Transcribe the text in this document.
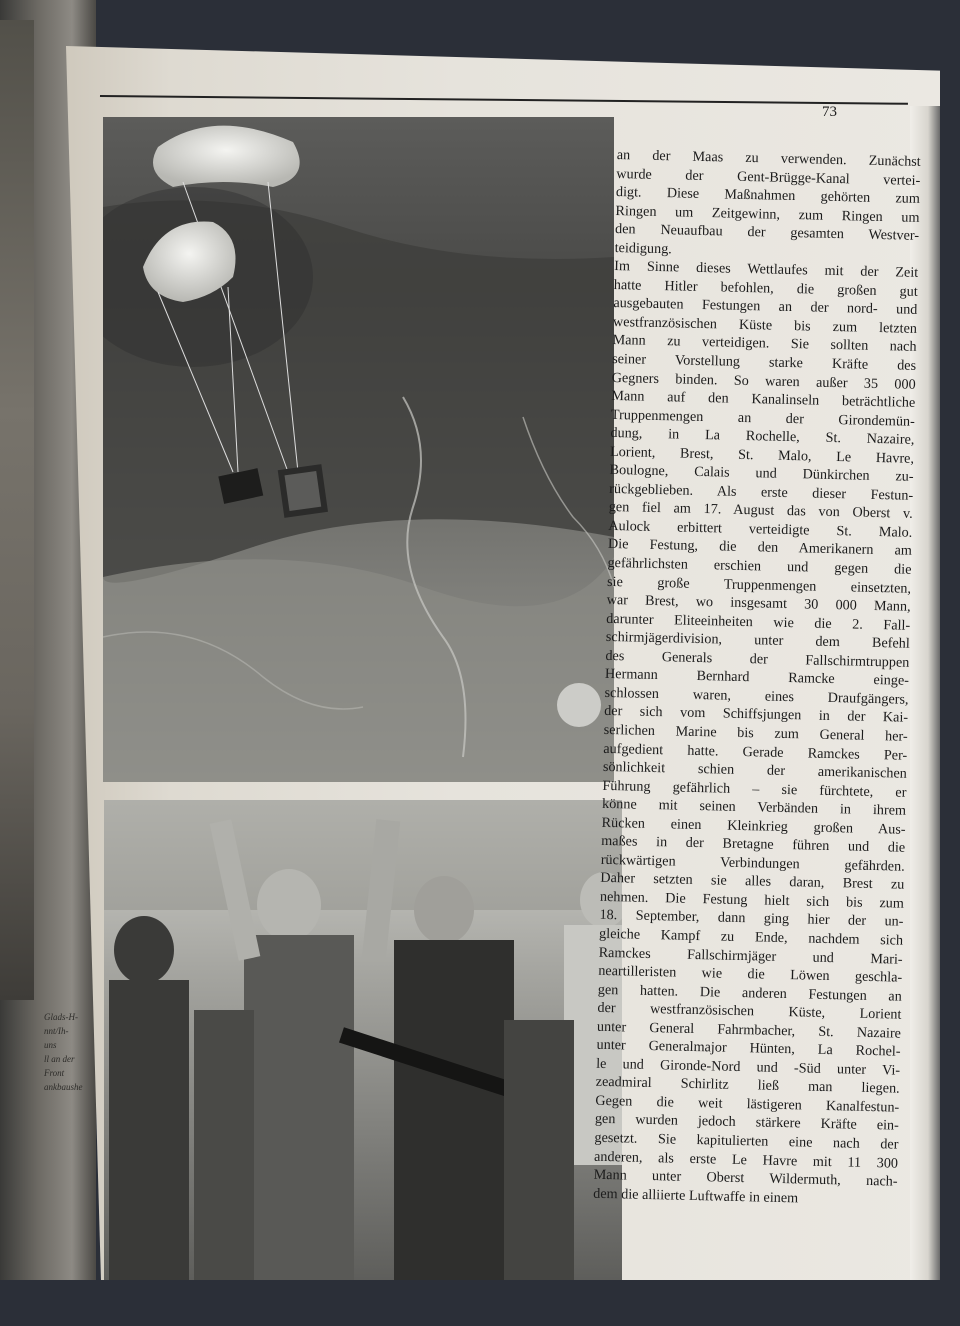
Glads-H-
nnt/Ih-
uns
ll an der
Front
ankbaushe
73
an der Maas zu verwenden. Zunächst
wurde der Gent-Brügge-Kanal vertei-
digt. Diese Maßnahmen gehörten zum
Ringen um Zeitgewinn, zum Ringen um
den Neuaufbau der gesamten Westver-
teidigung.
Im Sinne dieses Wettlaufes mit der Zeit
hatte Hitler befohlen, die großen gut
ausgebauten Festungen an der nord- und
westfranzösischen Küste bis zum letzten
Mann zu verteidigen. Sie sollten nach
seiner Vorstellung starke Kräfte des
Gegners binden. So waren außer 35 000
Mann auf den Kanalinseln beträchtliche
Truppenmengen an der Girondemün-
dung, in La Rochelle, St. Nazaire,
Lorient, Brest, St. Malo, Le Havre,
Boulogne, Calais und Dünkirchen zu-
rückgeblieben. Als erste dieser Festun-
gen fiel am 17. August das von Oberst v.
Aulock erbittert verteidigte St. Malo.
Die Festung, die den Amerikanern am
gefährlichsten erschien und gegen die
sie große Truppenmengen einsetzten,
war Brest, wo insgesamt 30 000 Mann,
darunter Eliteeinheiten wie die 2. Fall-
schirmjägerdivision, unter dem Befehl
des Generals der Fallschirmtruppen
Hermann Bernhard Ramcke einge-
schlossen waren, eines Draufgängers,
der sich vom Schiffsjungen in der Kai-
serlichen Marine bis zum General her-
aufgedient hatte. Gerade Ramckes Per-
sönlichkeit schien der amerikanischen
Führung gefährlich – sie fürchtete, er
könne mit seinen Verbänden in ihrem
Rücken einen Kleinkrieg großen Aus-
maßes in der Bretagne führen und die
rückwärtigen Verbindungen gefährden.
Daher setzten sie alles daran, Brest zu
nehmen. Die Festung hielt sich bis zum
18. September, dann ging hier der un-
gleiche Kampf zu Ende, nachdem sich
Ramckes Fallschirmjäger und Mari-
neartilleristen wie die Löwen geschla-
gen hatten. Die anderen Festungen an
der westfranzösischen Küste, Lorient
unter General Fahrmbacher, St. Nazaire
unter Generalmajor Hünten, La Rochel-
le und Gironde-Nord und -Süd unter Vi-
zeadmiral Schirlitz ließ man liegen.
Gegen die weit lästigeren Kanalfestun-
gen wurden jedoch stärkere Kräfte ein-
gesetzt. Sie kapitulierten eine nach der
anderen, als erste Le Havre mit 11 300
Mann unter Oberst Wildermuth, nach-
dem die alliierte Luftwaffe in einem
